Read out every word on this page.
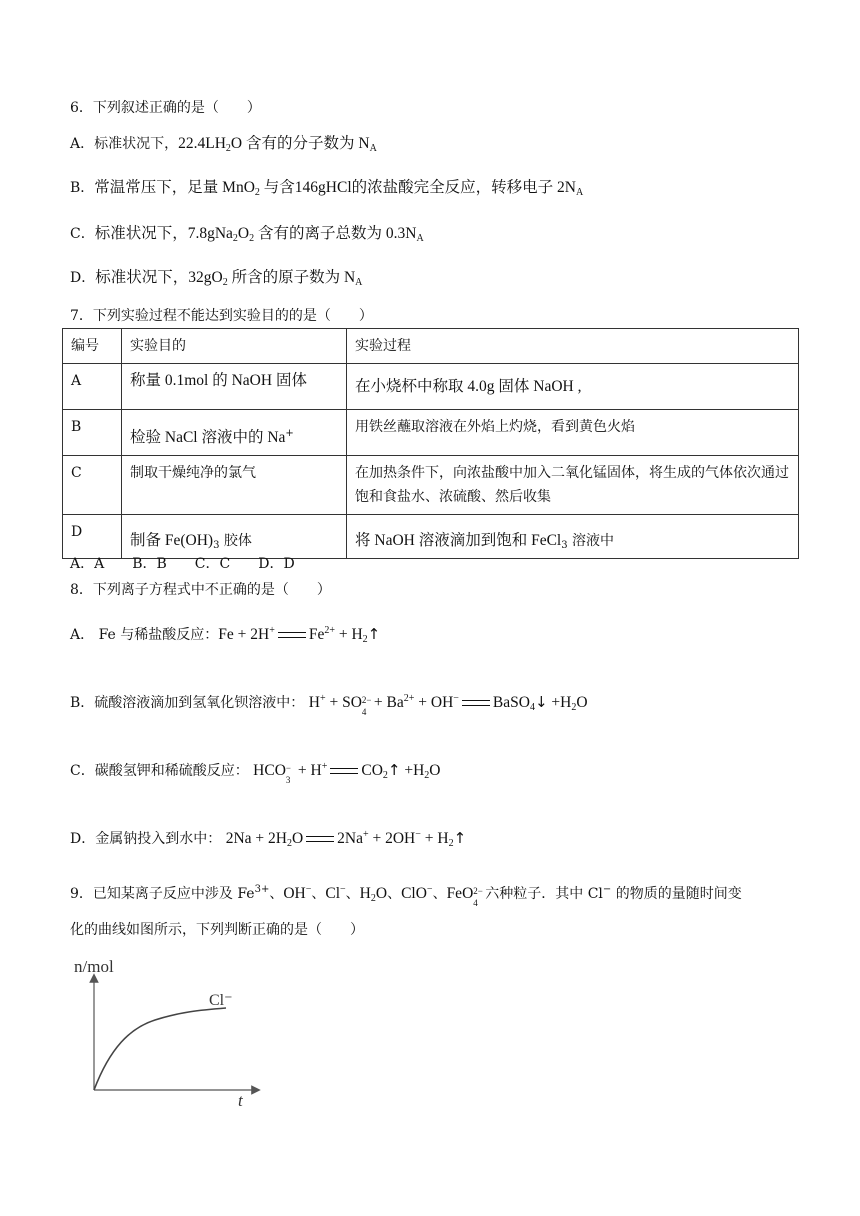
6．下列叙述正确的是（　　）
A．标准状况下，$22.4LH_2O$ 含有的分子数为 $N_A$
B．常温常压下，足量 MnO$_2$ 与含146gHCl的浓盐酸完全反应，转移电子 $2N_A$
C．标准状况下，$7.8gNa_2O_2$ 含有的离子总数为 $0.3N_A$
D．标准状况下，$32gO_2$ 所含的原子数为 $N_A$
7．下列实验过程不能达到实验目的的是（　　）
编号	实验目的	实验过程
A	称量 0.1mol 的 NaOH 固体	在小烧杯中称取 4.0g 固体 NaOH ,
B	检验 NaCl 溶液中的 Na+	用铁丝蘸取溶液在外焰上灼烧，看到黄色火焰
C	制取干燥纯净的氯气	在加热条件下，向浓盐酸中加入二氧化锰固体，将生成的气体依次通过饱和食盐水、浓硫酸、然后收集
D	制备 $Fe(OH)_3$ 胶体	将 NaOH 溶液滴加到饱和 FeCl$_3$ 溶液中
A．A　　B．B　　C．C　　D．D
8．下列离子方程式中不正确的是（　　）
A． Fe 与稀盐酸反应：Fe + 2H+ $Fe^{2+}$ + $H_2↑$
B．硫酸溶液滴加到氢氧化钡溶液中： H+ + SO 2−
4
+ $Ba^{2+} + OH^-$ BaSO$_4$↓ $+H_2O$
C．碳酸氢钾和稀硫酸反应： HCO −
3
+ H+ $CO_2↑ +H_2O$
D．金属钠投入到水中： $2Na + 2H_2O$ $2Na^+ + 2OH^- + H_2↑$
9．已知某离子反应中涉及 $Fe^{3+}$、OH−、Cl−、$H_2O$、ClO−、FeO 2−
4
六种粒子．其中 Cl− 的物质的量随时间变
化的曲线如图所示，下列判断正确的是（　　）
n/mol
t
Cl⁻
